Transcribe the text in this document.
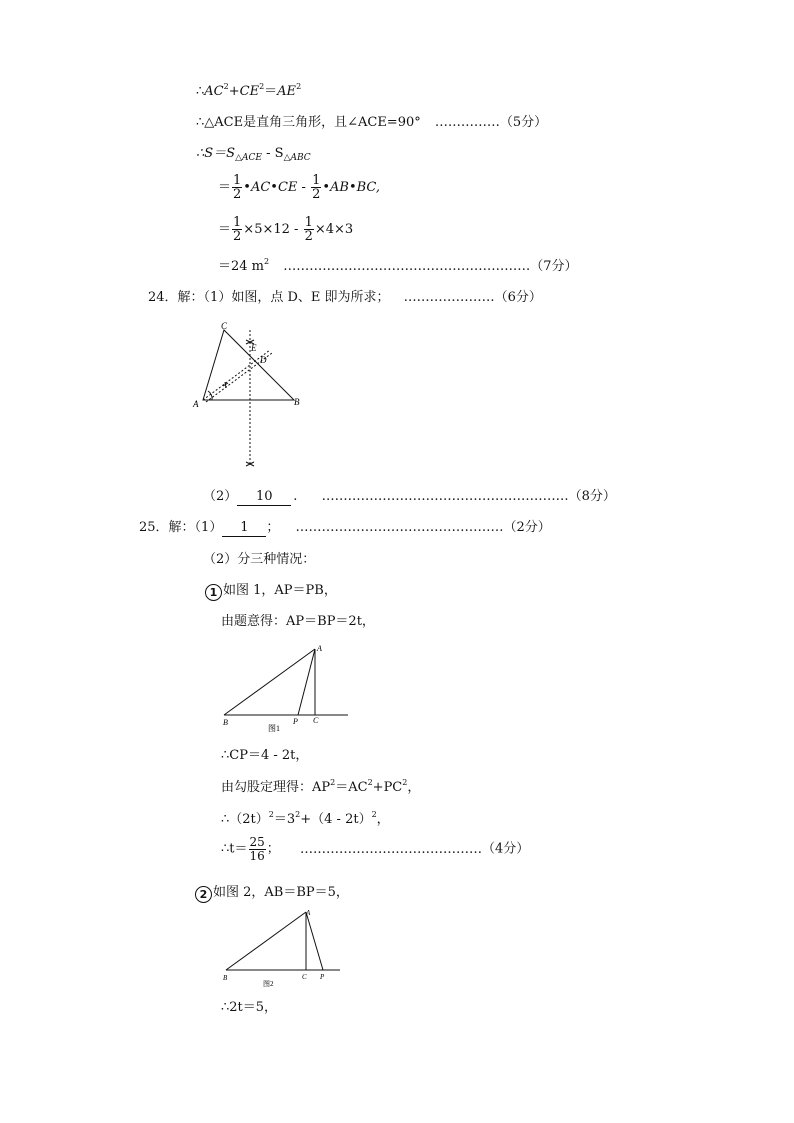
$\therefore AC^2+CE^2=AE^2$
∴△ACE是直角三角形，且∠ACE=90° ……………（5分）
$\therefore S=S_{\triangle ACE} - S_{\triangle ABC}$
＝ $\frac{1}{2}$ •AC•CE - $\frac{1}{2}$ •AB•BC,
＝ $\frac{1}{2} \times 5\times 12 - \frac{1}{2} \times 4\times 3$
＝24 $m^2$ …………………………………………………（7分）
24．解：（1）如图，点 D、E 即为所求； …………………（6分）
C
E
D
A	B
（2） 10 . …………………………………………………（8分）
25．解：（1） 1 ； …………………………………………（2分）
（2）分三种情况：
1 如图 1，AP＝PB，
由题意得：AP＝BP＝2t，
A
B	P C
图1
∴CP＝4 - 2t，
由勾股定理得：$AP^2=AC^2+PC^2$，
$\therefore(2t)^2=3^2+(4 - 2t)^2$，
∴t＝ $\frac{25}{16}$ ； ……………………………………（4分）
2 如图 2，AB＝BP＝5，
A
B	C P
图2
∴2t＝5，
